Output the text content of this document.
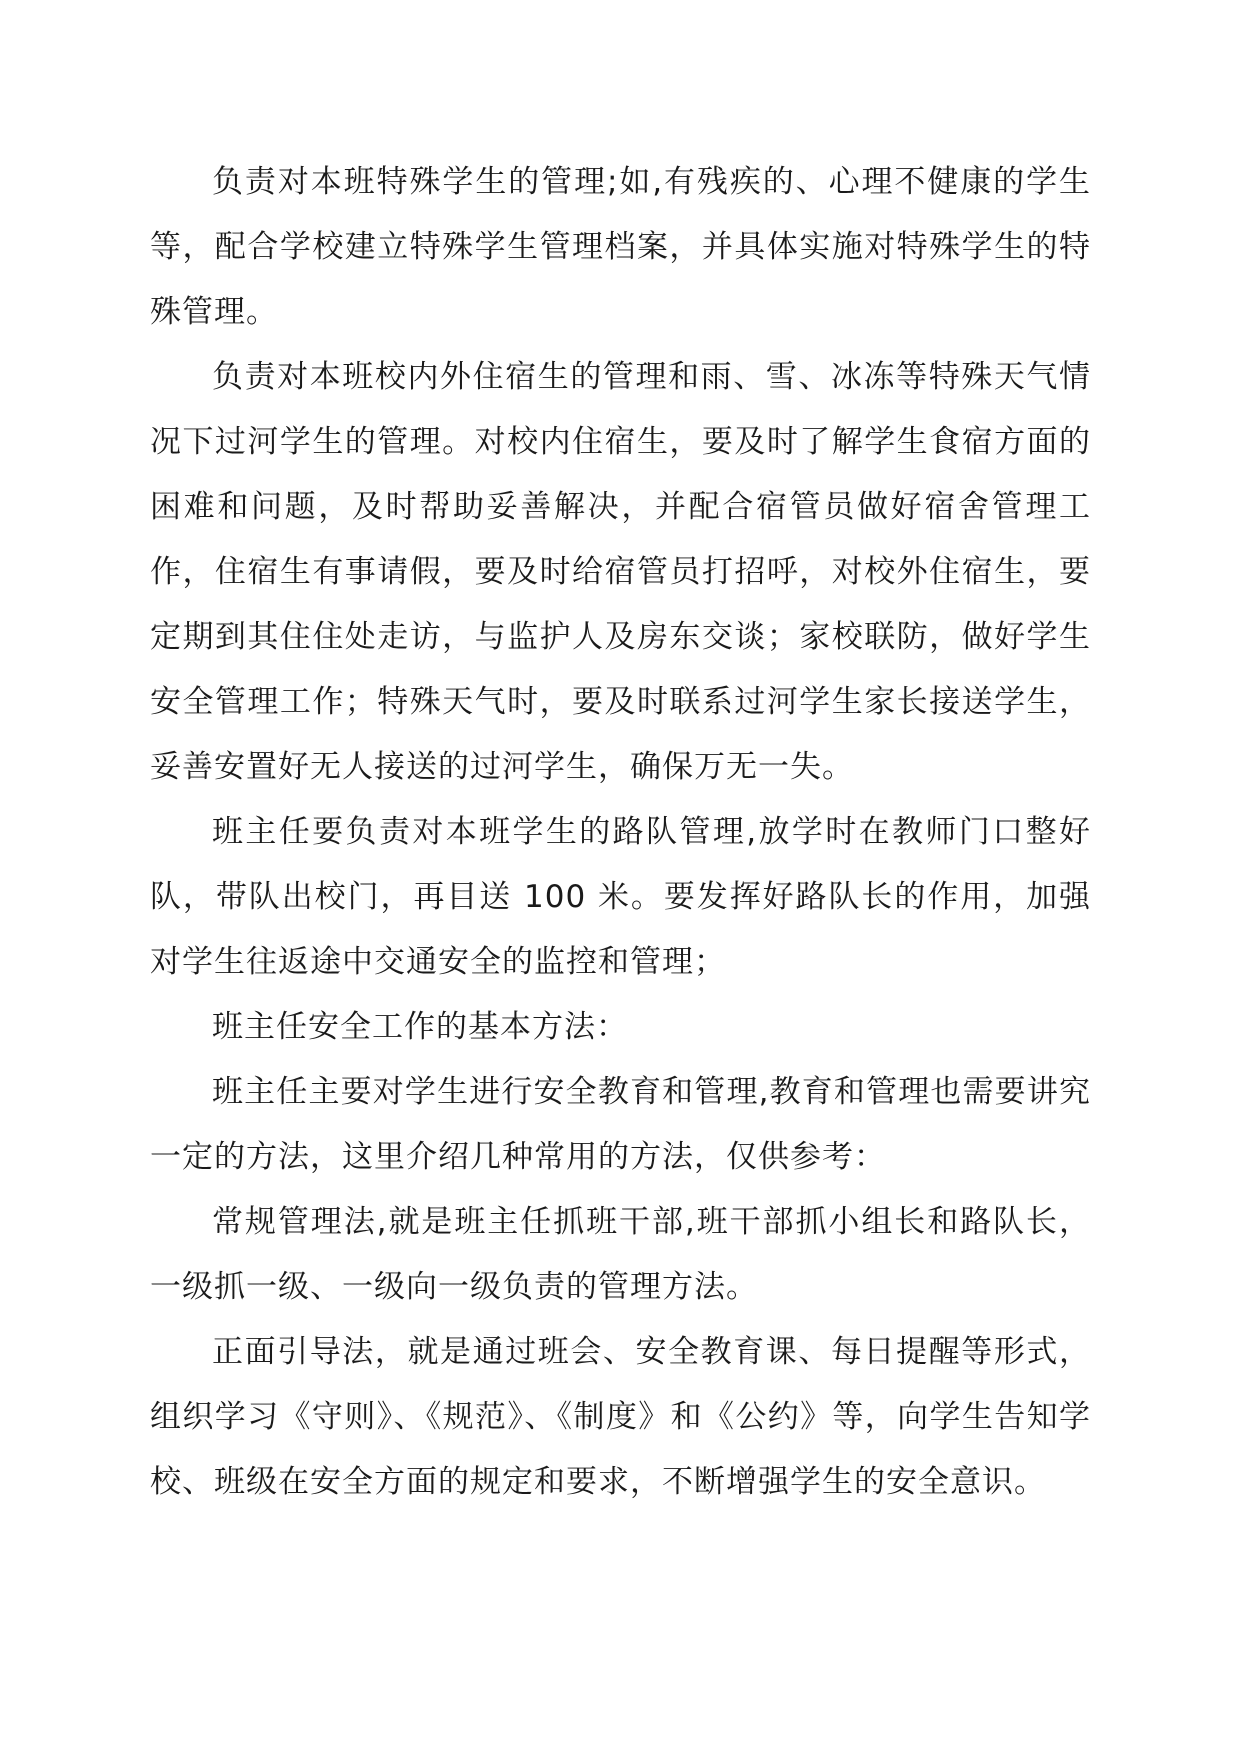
负责对本班特殊学生的管理;如,有残疾的、心理不健康的学生等，配合学校建立特殊学生管理档案，并具体实施对特殊学生的特殊管理。

负责对本班校内外住宿生的管理和雨、雪、冰冻等特殊天气情况下过河学生的管理。对校内住宿生，要及时了解学生食宿方面的困难和问题，及时帮助妥善解决，并配合宿管员做好宿舍管理工作，住宿生有事请假，要及时给宿管员打招呼，对校外住宿生，要定期到其住住处走访，与监护人及房东交谈；家校联防，做好学生安全管理工作；特殊天气时，要及时联系过河学生家长接送学生，妥善安置好无人接送的过河学生，确保万无一失。

班主任要负责对本班学生的路队管理,放学时在教师门口整好队，带队出校门，再目送 100 米。要发挥好路队长的作用，加强对学生往返途中交通安全的监控和管理；

班主任安全工作的基本方法：

班主任主要对学生进行安全教育和管理,教育和管理也需要讲究一定的方法，这里介绍几种常用的方法，仅供参考：

常规管理法,就是班主任抓班干部,班干部抓小组长和路队长，一级抓一级、一级向一级负责的管理方法。

正面引导法，就是通过班会、安全教育课、每日提醒等形式，组织学习《守则》、《规范》、《制度》和《公约》等，向学生告知学校、班级在安全方面的规定和要求，不断增强学生的安全意识。
